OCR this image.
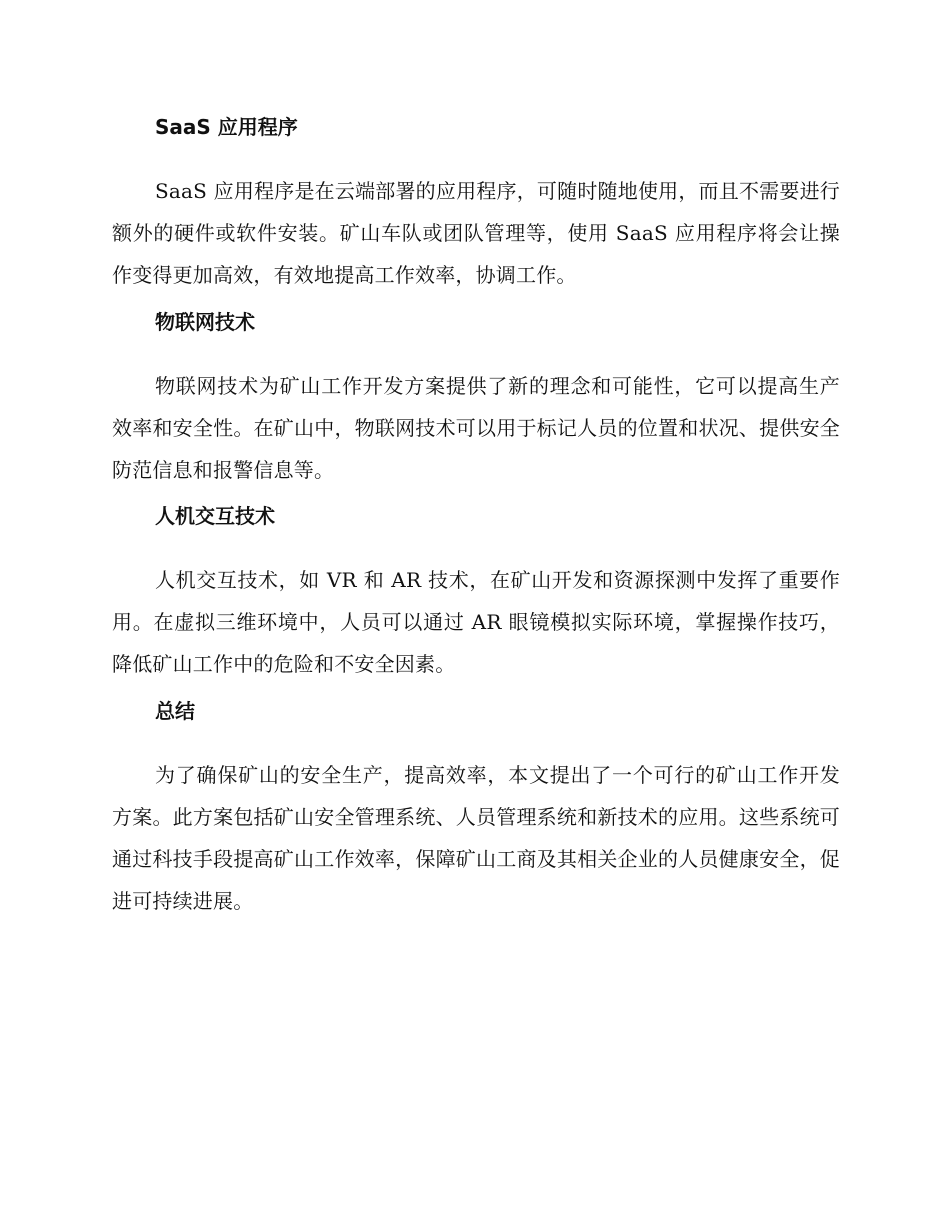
SaaS 应用程序

SaaS 应用程序是在云端部署的应用程序，可随时随地使用，而且不需要进行额外的硬件或软件安装。矿山车队或团队管理等，使用 SaaS 应用程序将会让操作变得更加高效，有效地提高工作效率，协调工作。

物联网技术

物联网技术为矿山工作开发方案提供了新的理念和可能性，它可以提高生产效率和安全性。在矿山中，物联网技术可以用于标记人员的位置和状况、提供安全防范信息和报警信息等。

人机交互技术

人机交互技术，如 VR 和 AR 技术，在矿山开发和资源探测中发挥了重要作用。在虚拟三维环境中，人员可以通过 AR 眼镜模拟实际环境，掌握操作技巧，降低矿山工作中的危险和不安全因素。

总结

为了确保矿山的安全生产，提高效率，本文提出了一个可行的矿山工作开发方案。此方案包括矿山安全管理系统、人员管理系统和新技术的应用。这些系统可通过科技手段提高矿山工作效率，保障矿山工商及其相关企业的人员健康安全，促进可持续进展。
